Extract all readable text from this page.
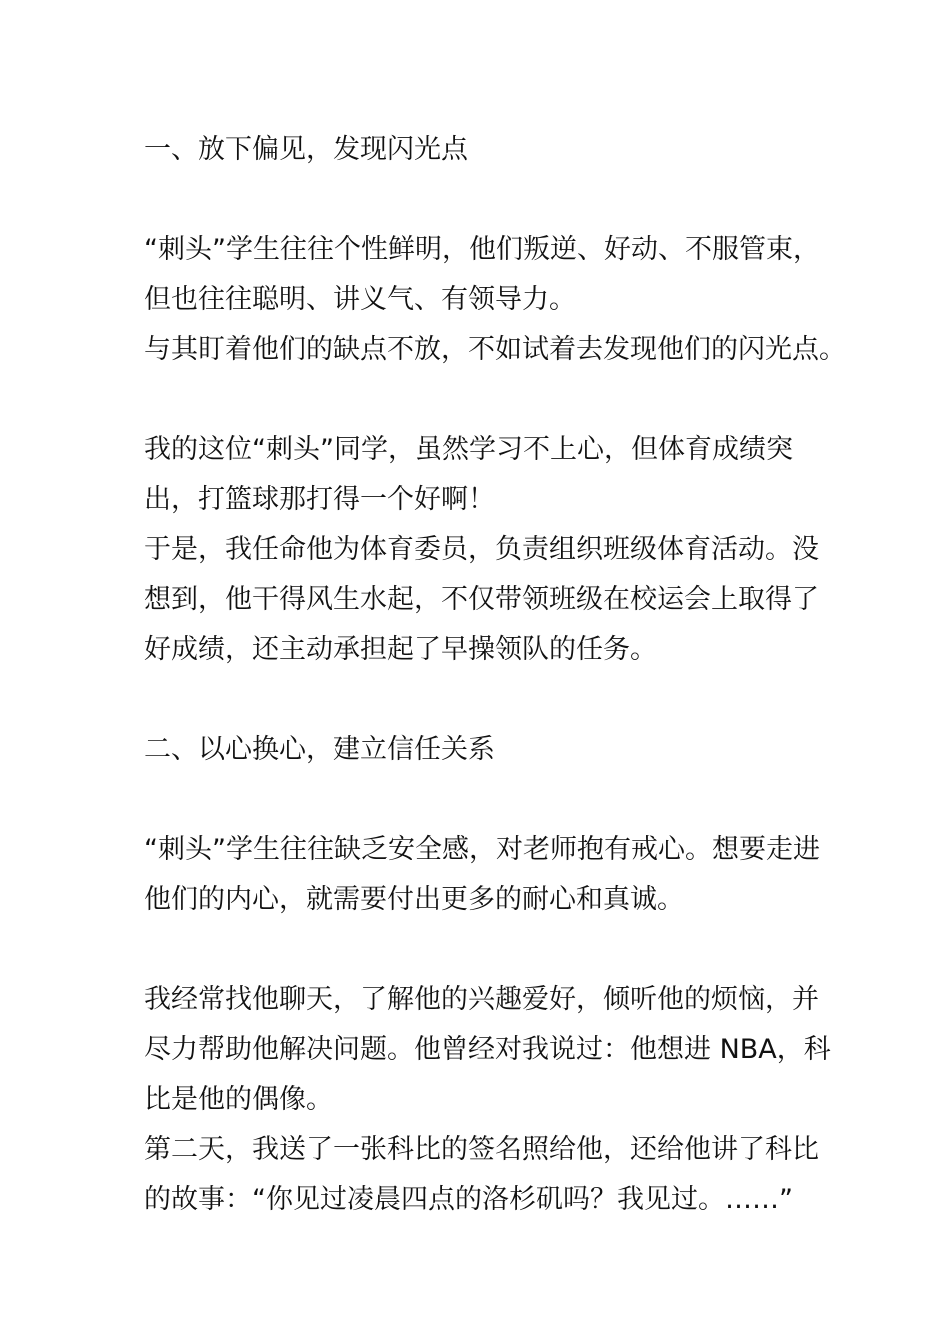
一、放下偏见，发现闪光点

“刺头”学生往往个性鲜明，他们叛逆、好动、不服管束，

但也往往聪明、讲义气、有领导力。

与其盯着他们的缺点不放，不如试着去发现他们的闪光点。

我的这位“刺头”同学，虽然学习不上心，但体育成绩突

出，打篮球那打得一个好啊！

于是，我任命他为体育委员，负责组织班级体育活动。没

想到，他干得风生水起，不仅带领班级在校运会上取得了

好成绩，还主动承担起了早操领队的任务。

二、以心换心，建立信任关系

“刺头”学生往往缺乏安全感，对老师抱有戒心。想要走进

他们的内心，就需要付出更多的耐心和真诚。

我经常找他聊天，了解他的兴趣爱好，倾听他的烦恼，并

尽力帮助他解决问题。他曾经对我说过：他想进 NBA，科

比是他的偶像。

第二天，我送了一张科比的签名照给他，还给他讲了科比

的故事：“你见过凌晨四点的洛杉矶吗？我见过。……”
